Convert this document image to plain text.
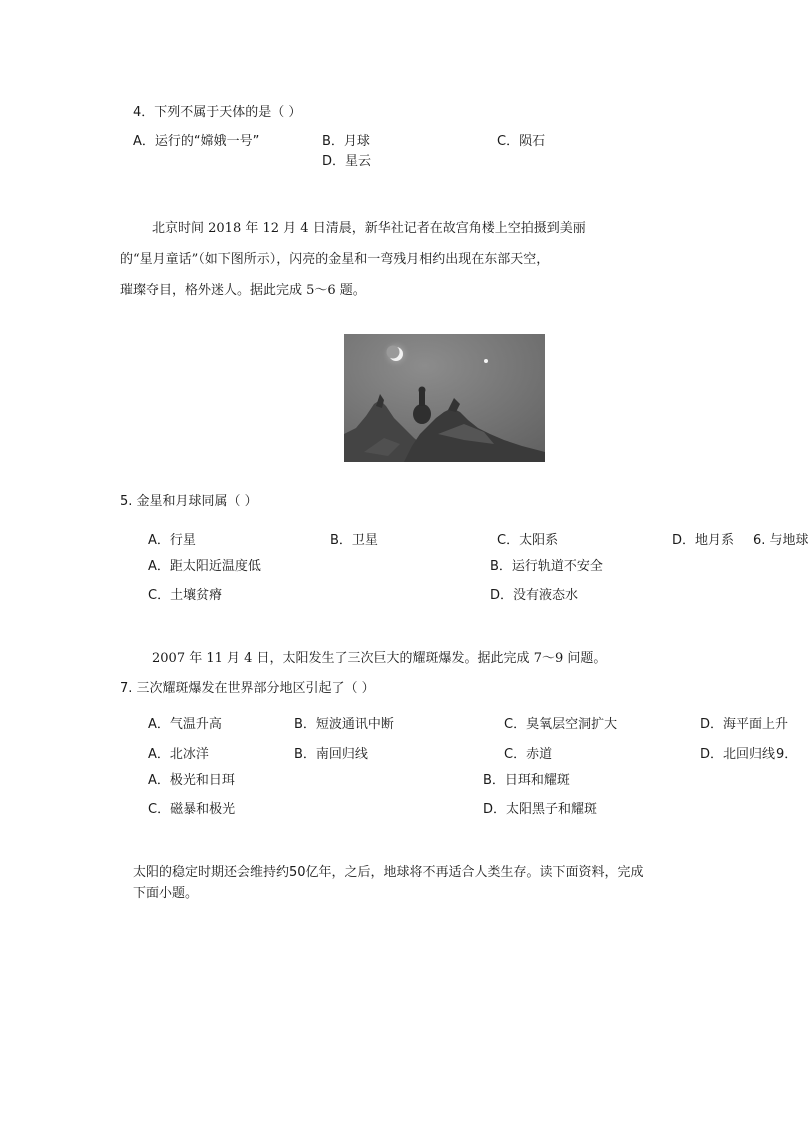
4．下列不属于天体的是（ ）
A．运行的“嫦娥一号”	B．月球	C．陨石
D．星云
北京时间 2018 年 12 月 4 日清晨，新华社记者在故宫角楼上空拍摄到美丽
的“星月童话”（如下图所示），闪亮的金星和一弯残月相约出现在东部天空，
璀璨夺目，格外迷人。据此完成 5～6 题。
5. 金星和月球同属（ ）
A．行星	B．卫星	C．太阳系	D．地月系 6. 与地球
A．距太阳近温度低	B．运行轨道不安全
C．土壤贫瘠	D．没有液态水
2007 年 11 月 4 日，太阳发生了三次巨大的耀斑爆发。据此完成 7～9 问题。
7. 三次耀斑爆发在世界部分地区引起了（ ）
A．气温升高	B．短波通讯中断	C．臭氧层空洞扩大	D．海平面上升
A．北冰洋	B．南回归线	C．赤道	D．北回归线 9．
A．极光和日珥	B．日珥和耀斑
C．磁暴和极光	D．太阳黑子和耀斑
太阳的稳定时期还会维持约50亿年，之后，地球将不再适合人类生存。读下面资料，完成
下面小题。
